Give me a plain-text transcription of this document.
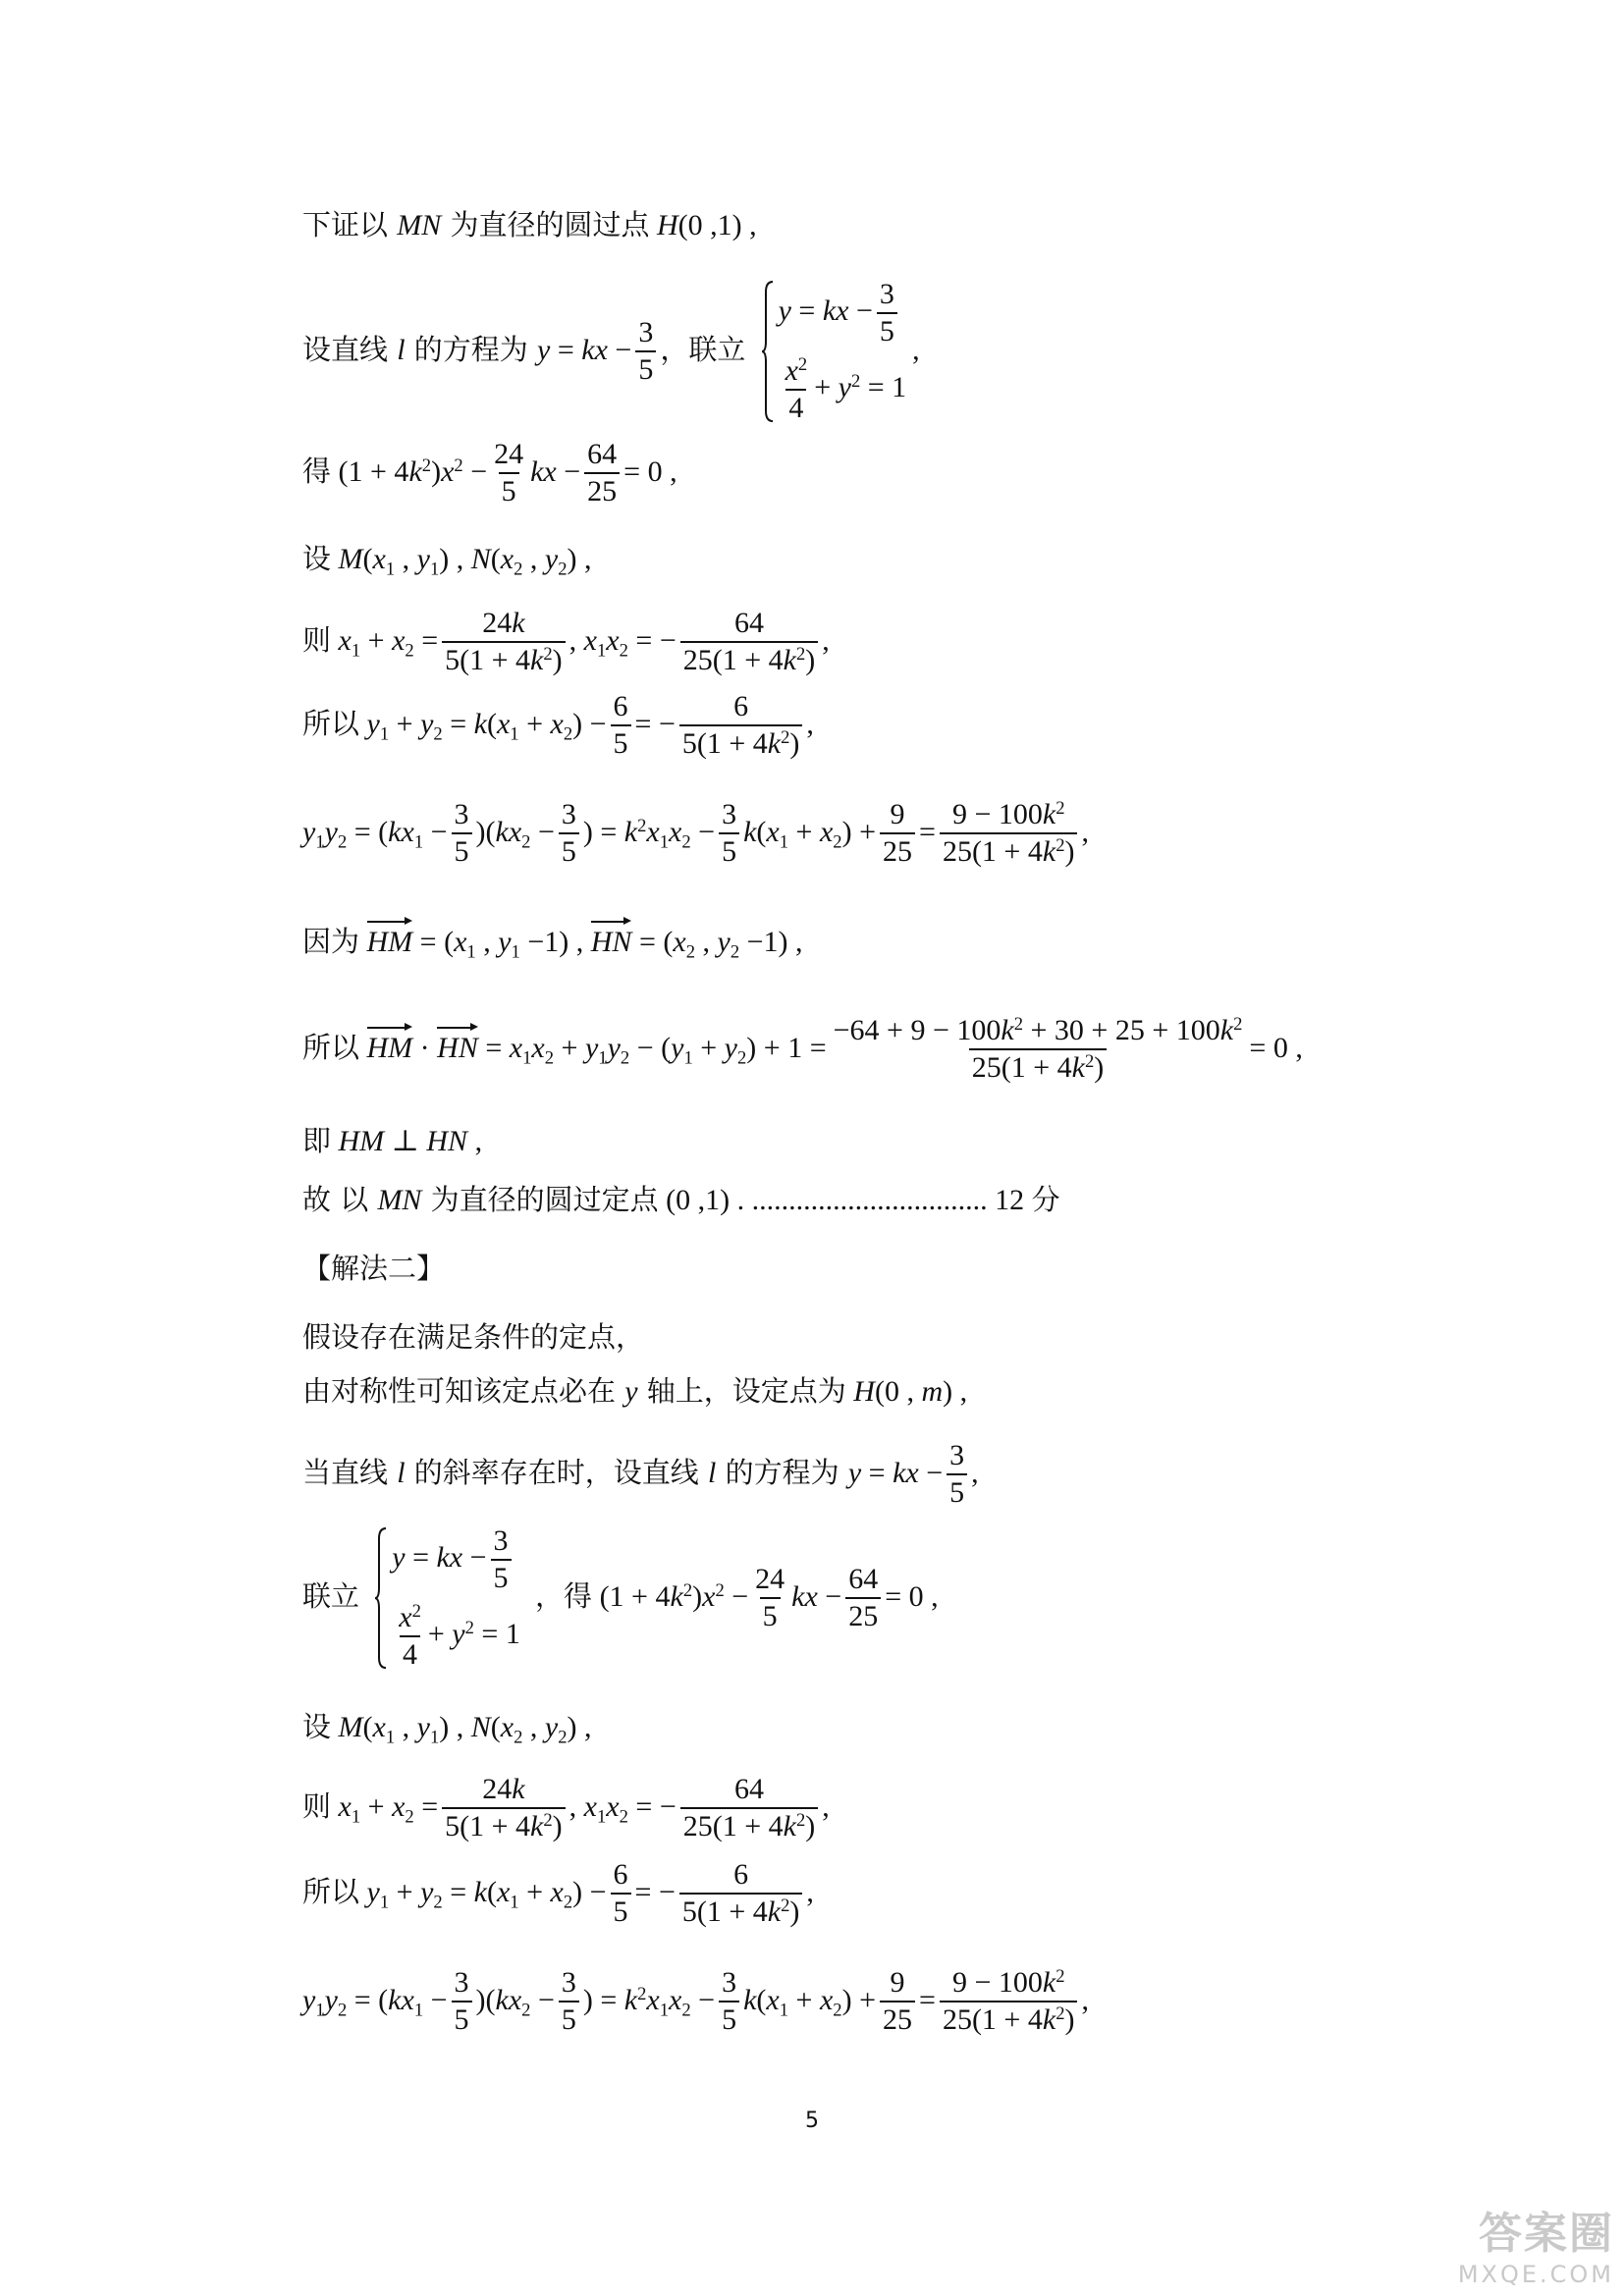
下证以 MN 为直径的圆过点 H(0 ,1) ,
设直线 l 的方程为 y = kx − $\frac{3}{5}$ ，联立
y = kx − $\frac{3}{5}$
$\frac{x^2}{4} + y^2 = 1$
,
得 $(1 + 4k^2)x^2 - \frac{24}{5}$ kx − $\frac{64}{25} = 0$ ,
设 $M(x_1$ , $y_1$) , $N(x_2$ , $y_2$) ,
则 $x_1 + x_2 = \frac{24k}{5(1 + 4k^2)}$ , $x_1x_2$ = − $\frac{64}{25(1 + 4k^2)}$ ,
所以 $y_1 + y_2 = k(x_1 + x_2) - \frac{6}{5}$ = − $\frac{6}{5(1 + 4k^2)}$ ,
$y_1y_2 = (kx_1 - \frac{3}{5} )(kx_2 - \frac{3}{5}$ ) = $k^2x_1x_2 - \frac{3}{5} k(x_1 + x_2) + \frac{9}{25} = \frac{9 - 100k^2}{25(1 + 4k^2)}$ ,
因为 HM = ($x_1$ , $y_1 -1$) , HN = ($x_2$ , $y_2 -1$) ,
所以 HM · HN = $x_1x_2 + y_1y_2 - (y_1 + y_2) + 1 = \frac{-64 + 9 - 100k^2 + 30 + 25 + 100k^2}{25(1 + 4k^2)} = 0$ ,
即 HM ⊥ HN ,
故 以 MN 为直径的圆过定点 (0 ,1) . ................................ 12 分
【解法二】
假设存在满足条件的定点，
由对称性可知该定点必在 y 轴上，设定点为 H(0 , m) ,
当直线 l 的斜率存在时，设直线 l 的方程为 y = kx − $\frac{3}{5}$ ,
联立
y = kx − $\frac{3}{5}$
$\frac{x^2}{4} + y^2 = 1$
，得 $(1 + 4k^2)x^2 - \frac{24}{5}$ kx − $\frac{64}{25} = 0$ ,
设 $M(x_1$ , $y_1$) , $N(x_2$ , $y_2$) ,
则 $x_1 + x_2 = \frac{24k}{5(1 + 4k^2)}$ , $x_1x_2$ = − $\frac{64}{25(1 + 4k^2)}$ ,
所以 $y_1 + y_2 = k(x_1 + x_2) - \frac{6}{5}$ = − $\frac{6}{5(1 + 4k^2)}$ ,
$y_1y_2 = (kx_1 - \frac{3}{5} )(kx_2 - \frac{3}{5}$ ) = $k^2x_1x_2 - \frac{3}{5} k(x_1 + x_2) + \frac{9}{25} = \frac{9 - 100k^2}{25(1 + 4k^2)}$ ,
5
答案圈
MXQE.COM
